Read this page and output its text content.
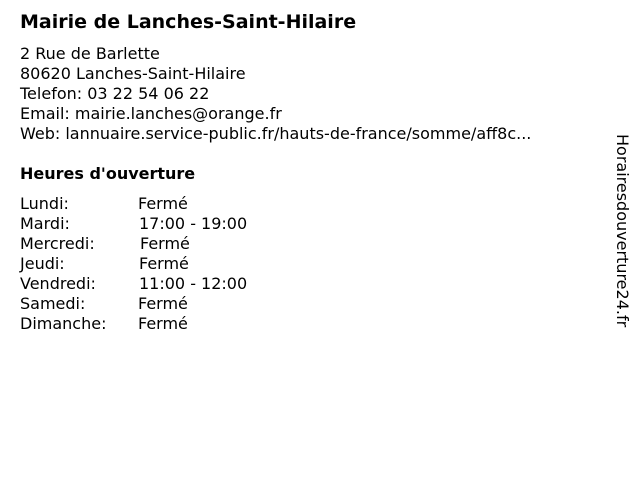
Mairie de Lanches-Saint-Hilaire
2 Rue de Barlette
80620 Lanches-Saint-Hilaire
Telefon: 03 22 54 06 22
Email: mairie.lanches@orange.fr
Web: lannuaire.service-public.fr/hauts-de-france/somme/aff8c...
Heures d'ouverture
Lundi:	Fermé
Mardi:	17:00 - 19:00
Mercredi:	Fermé
Jeudi:	Fermé
Vendredi:	11:00 - 12:00
Samedi:	Fermé
Dimanche: Fermé	Horairesdouverture24.fr
